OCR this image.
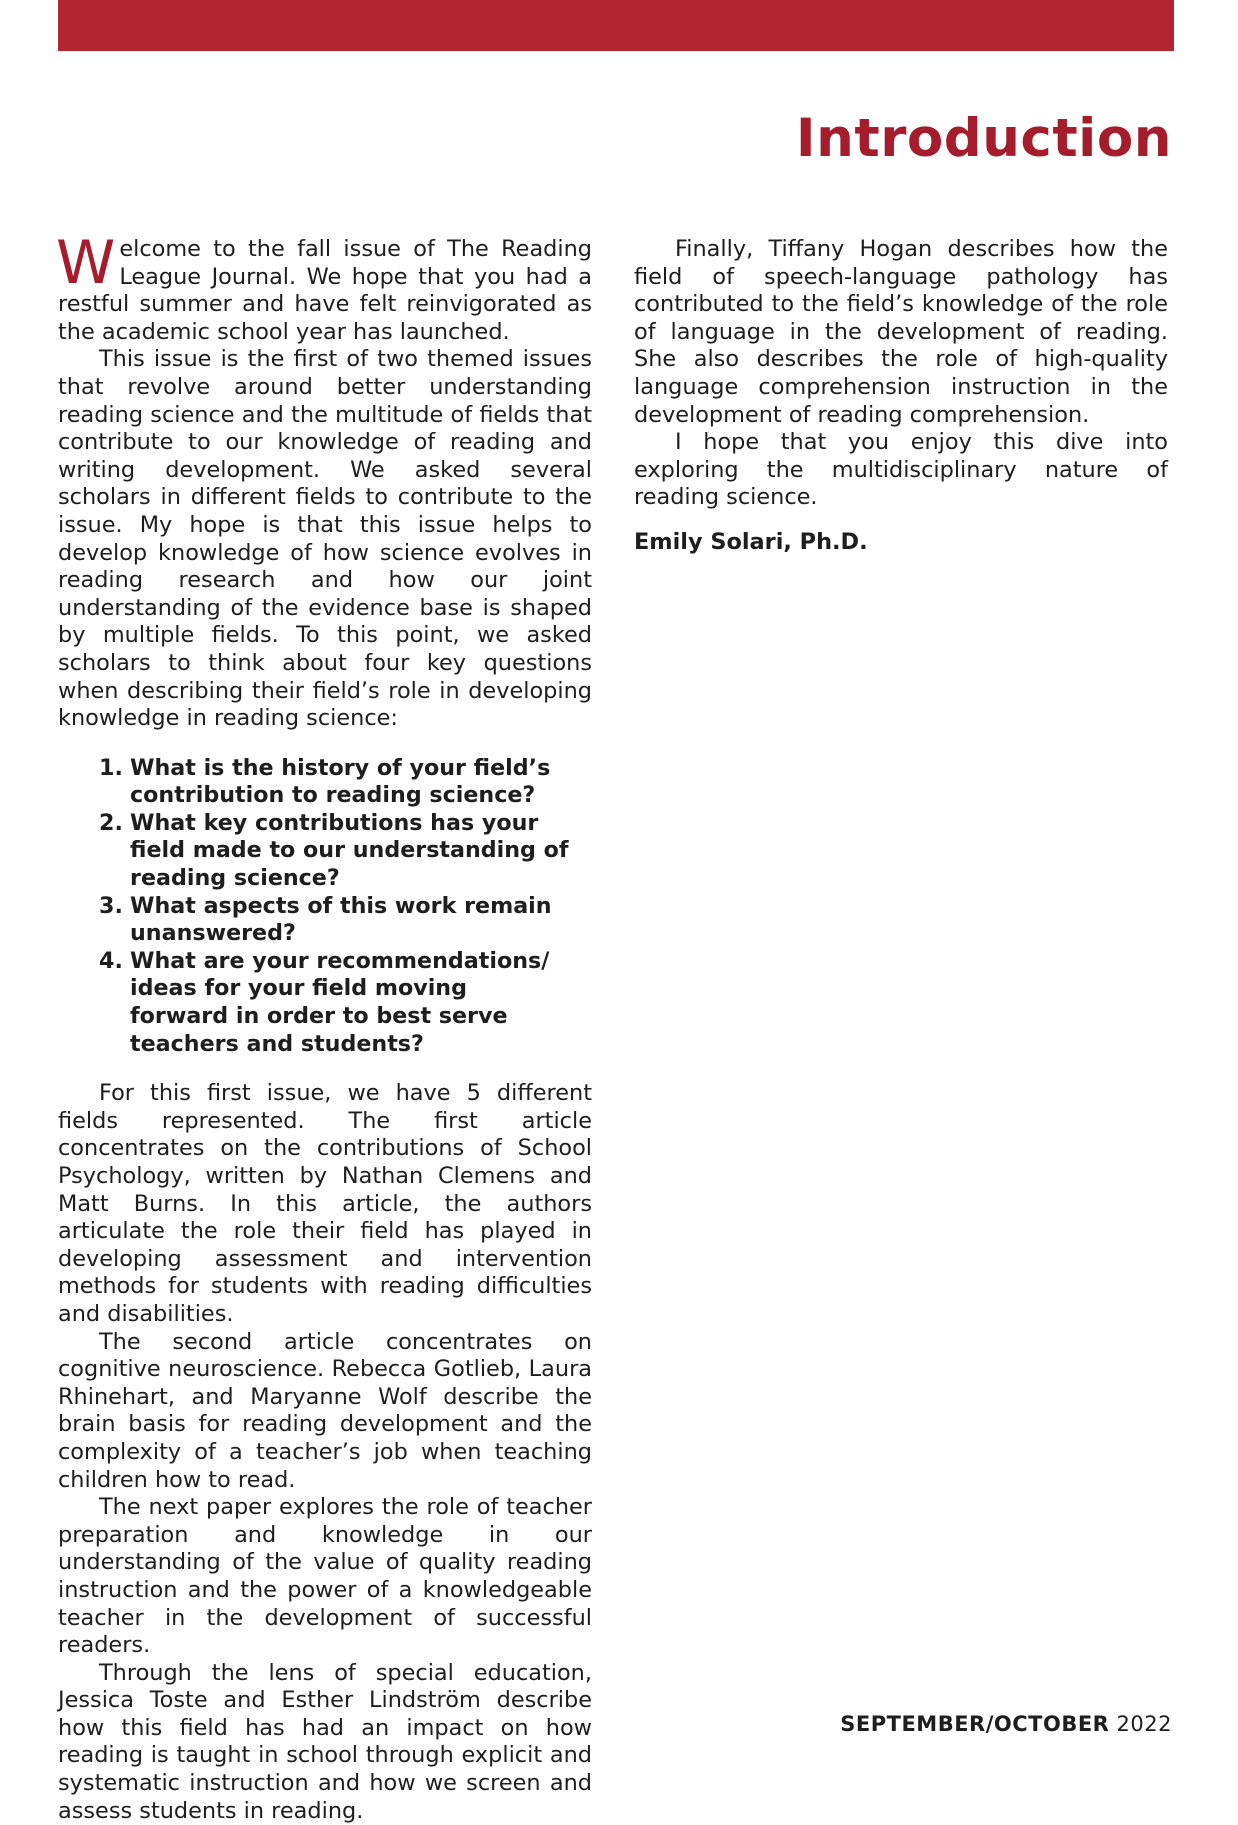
Introduction

Welcome to the fall issue of The Reading League Journal. We hope that you had a restful summer and have felt reinvigorated as the academic school year has launched.

This issue is the first of two themed issues that revolve around better understanding reading science and the multitude of fields that contribute to our knowledge of reading and writing development. We asked several scholars in different fields to contribute to the issue. My hope is that this issue helps to develop knowledge of how science evolves in reading research and how our joint understanding of the evidence base is shaped by multiple fields. To this point, we asked scholars to think about four key questions when describing their field’s role in developing knowledge in reading science:

1. What is the history of your field’s contribution to reading science?
2. What key contributions has your field made to our understanding of reading science?
3. What aspects of this work remain unanswered?
4. What are your recommendations/ ideas for your field moving forward in order to best serve teachers and students?

For this first issue, we have 5 different fields represented. The first article concentrates on the contributions of School Psychology, written by Nathan Clemens and Matt Burns. In this article, the authors articulate the role their field has played in developing assessment and intervention methods for students with reading difficulties and disabilities.

The second article concentrates on cognitive neuroscience. Rebecca Gotlieb, Laura Rhinehart, and Maryanne Wolf describe the brain basis for reading development and the complexity of a teacher’s job when teaching children how to read.

The next paper explores the role of teacher preparation and knowledge in our understanding of the value of quality reading instruction and the power of a knowledgeable teacher in the development of successful readers.

Through the lens of special education, Jessica Toste and Esther Lindström describe how this field has had an impact on how reading is taught in school through explicit and systematic instruction and how we screen and assess students in reading.

Finally, Tiffany Hogan describes how the field of speech-language pathology has contributed to the field’s knowledge of the role of language in the development of reading. She also describes the role of high-quality language comprehension instruction in the development of reading comprehension.

I hope that you enjoy this dive into exploring the multidisciplinary nature of reading science.

Emily Solari, Ph.D.
SEPTEMBER/OCTOBER 2022
